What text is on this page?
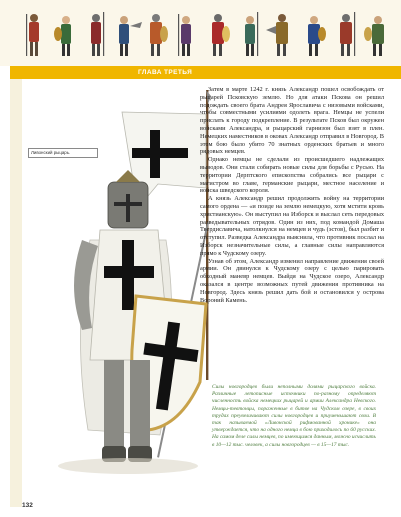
ГЛАВА ТРЕТЬЯ
Ливонский рыцарь.

Затем в марте 1242 г. князь Александр пошел освобождать от рыцарей Псковскую землю. Но для атаки Пскова он решил подождать своего брата Андрея Ярославича с низовыми войсками, чтобы совместными усилиями одолеть врага. Немцы не успели прислать к городу подкрепление. В результате Псков был окружен войсками Александра, и рыцарский гарнизон был взят в плен. Немецких наместников в оковах Александр отправил в Новгород. В этом бою было убито 70 знатных орденских братьев и много рядовых немцев.

Однако немцы не сделали из происшедшего надлежащих выводов. Они стали собирать новые силы для борьбы с Русью. На территории Дерптского епископства собрались все рыцари с магистром во главе, германские рыцари, местное население и войска шведского короля.

А князь Александр решил продолжить войну на территории самого ордена — «и поиде на землю немецкую, хотя мстити кровь христианскую». Он выступил на Изборск и выслал сеть передовых разведывательных отрядов. Один из них, под командой Домаша Твердиславича, натолкнулся на немцев и чудь (эстов), был разбит и отступил. Разведка Александра выяснила, что противник послал на Изборск незначительные силы, а главные силы направляются прямо к Чудскому озеру.

Узнав об этом, Александр изменил направление движения своей армии. Он двинулся к Чудскому озеру с целью парировать обходный маневр немцев. Выйдя на Чудское озеро, Александр оказался в центре возможных путей движения противника на Новгород. Здесь князь решил дать бой и остановился у острова Вороний Камень.

Силы новгородцев были неполными долями рыцарского войска. Различные летописные источники по-разному определяют численность войска немецких рыцарей и армии Александра Невского. Немцы-тевтонцы, пораженные в битве на Чудском озере, в своих трудах преувеличивают силы новгородцев и приуменьшают свои. В так называемой «Ливонской рифмованной хронике» она утверждается, что на одного немца в бою приходилось по 60 русских. На самом деле силы немцев, по имеющимся данным, можно исчислить в 10—12 тыс. человек, а силы новгородцев — в 15—17 тыс.
132
